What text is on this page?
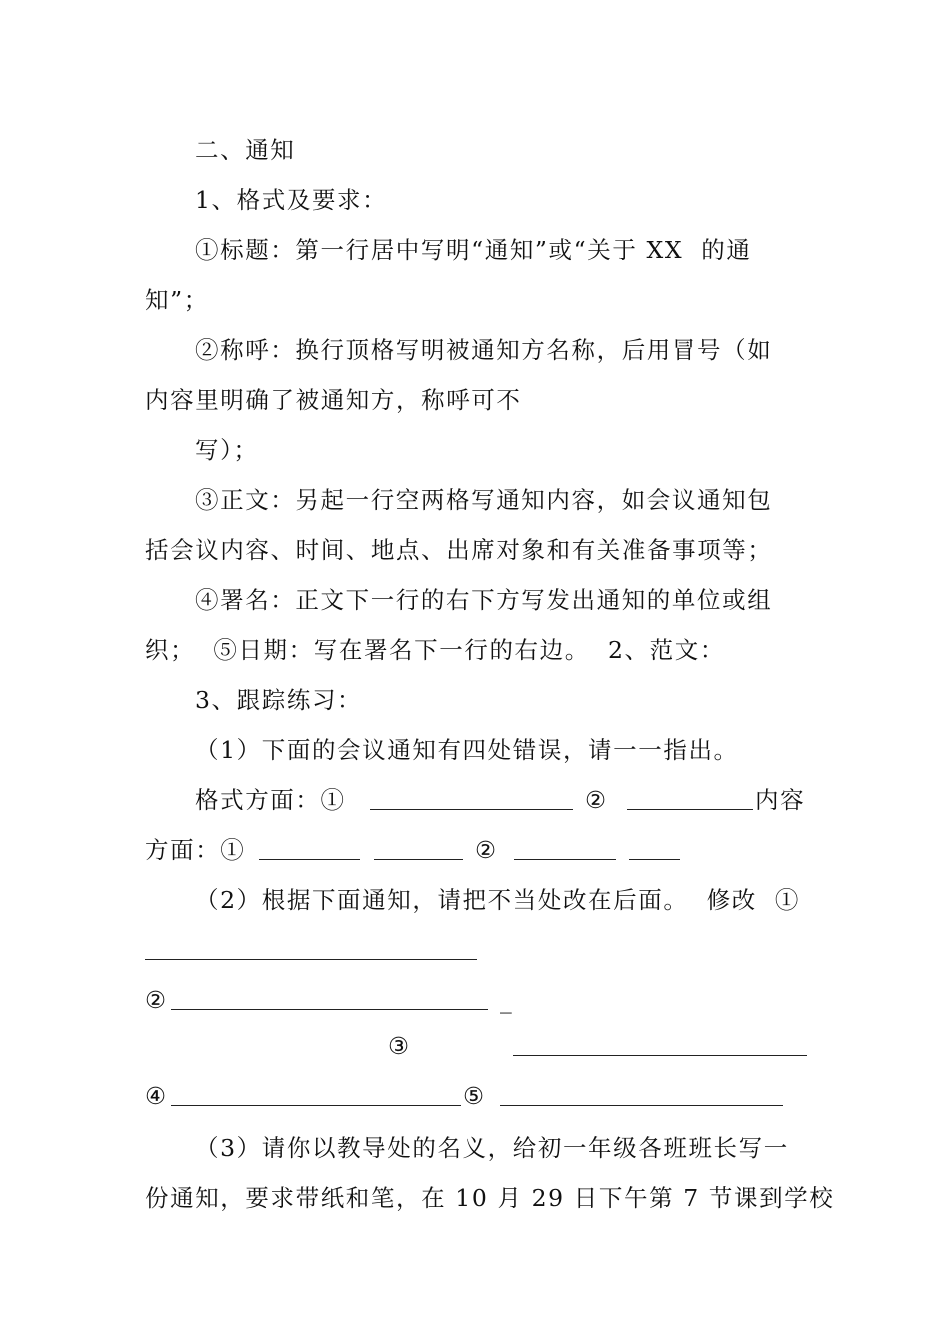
二、通知
1、格式及要求：
①标题：第一行居中写明“通知”或“关于 XX  的通
知”；
②称呼：换行顶格写明被通知方名称，后用冒号（如
内容里明确了被通知方，称呼可不
写）；
③正文：另起一行空两格写通知内容，如会议通知包
括会议内容、时间、地点、出席对象和有关准备事项等；
④署名：正文下一行的右下方写发出通知的单位或组
织；  ⑤日期：写在署名下一行的右边。  2、范文：
3、跟踪练习：
（1）下面的会议通知有四处错误，请一一指出。
格式方面：①	②	内容
方面：①	②
（2）根据下面通知，请把不当处改在后面。  修改  ①
②	_
③
④	⑤
（3）请你以教导处的名义，给初一年级各班班长写一
份通知，要求带纸和笔，在 10 月 29 日下午第 7 节课到学校
